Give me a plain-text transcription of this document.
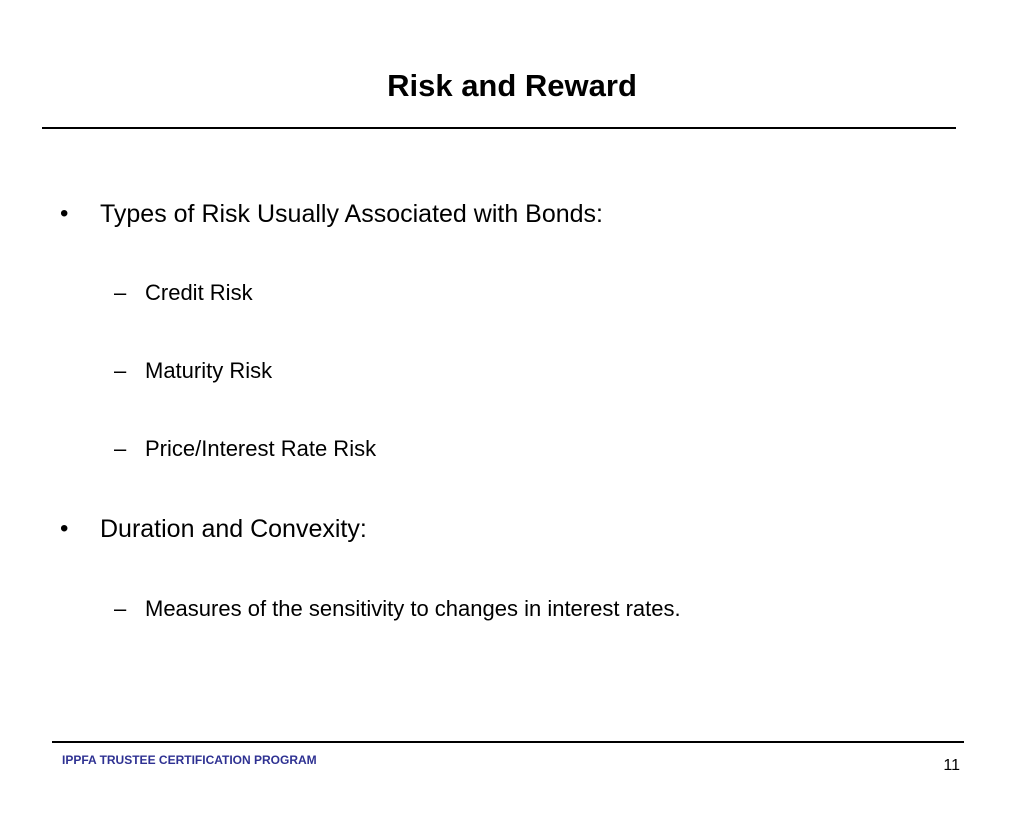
Risk and Reward
• Types of Risk Usually Associated with Bonds:
– Credit Risk
– Maturity Risk
– Price/Interest Rate Risk
• Duration and Convexity:
– Measures of the sensitivity to changes in interest rates.
IPPFA TRUSTEE CERTIFICATION PROGRAM	11
